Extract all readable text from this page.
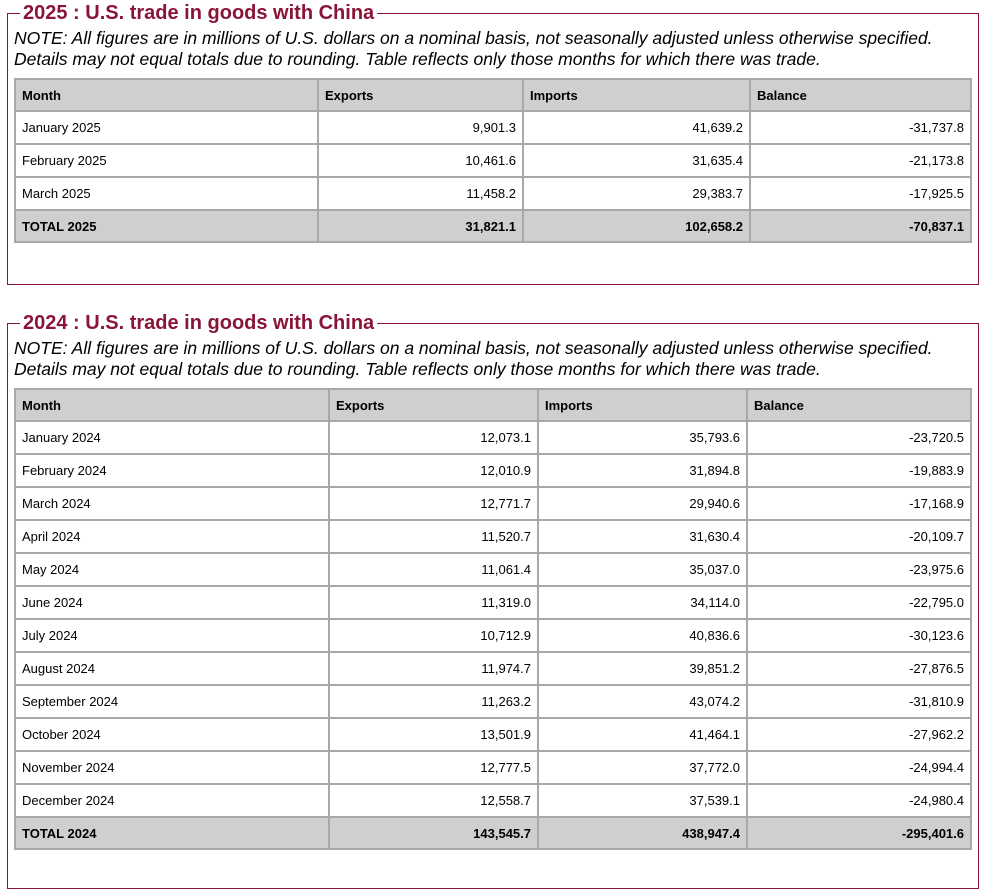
2025 : U.S. trade in goods with China

NOTE: All figures are in millions of U.S. dollars on a nominal basis, not seasonally adjusted unless otherwise specified.
Details may not equal totals due to rounding. Table reflects only those months for which there was trade.

Month	Exports	Imports	Balance
January 2025	9,901.3	41,639.2	-31,737.8
February 2025	10,461.6	31,635.4	-21,173.8
March 2025	11,458.2	29,383.7	-17,925.5
TOTAL 2025	31,821.1	102,658.2	-70,837.1
2024 : U.S. trade in goods with China

NOTE: All figures are in millions of U.S. dollars on a nominal basis, not seasonally adjusted unless otherwise specified.
Details may not equal totals due to rounding. Table reflects only those months for which there was trade.

Month	Exports	Imports	Balance
January 2024	12,073.1	35,793.6	-23,720.5
February 2024	12,010.9	31,894.8	-19,883.9
March 2024	12,771.7	29,940.6	-17,168.9
April 2024	11,520.7	31,630.4	-20,109.7
May 2024	11,061.4	35,037.0	-23,975.6
June 2024	11,319.0	34,114.0	-22,795.0
July 2024	10,712.9	40,836.6	-30,123.6
August 2024	11,974.7	39,851.2	-27,876.5
September 2024	11,263.2	43,074.2	-31,810.9
October 2024	13,501.9	41,464.1	-27,962.2
November 2024	12,777.5	37,772.0	-24,994.4
December 2024	12,558.7	37,539.1	-24,980.4
TOTAL 2024	143,545.7	438,947.4	-295,401.6
